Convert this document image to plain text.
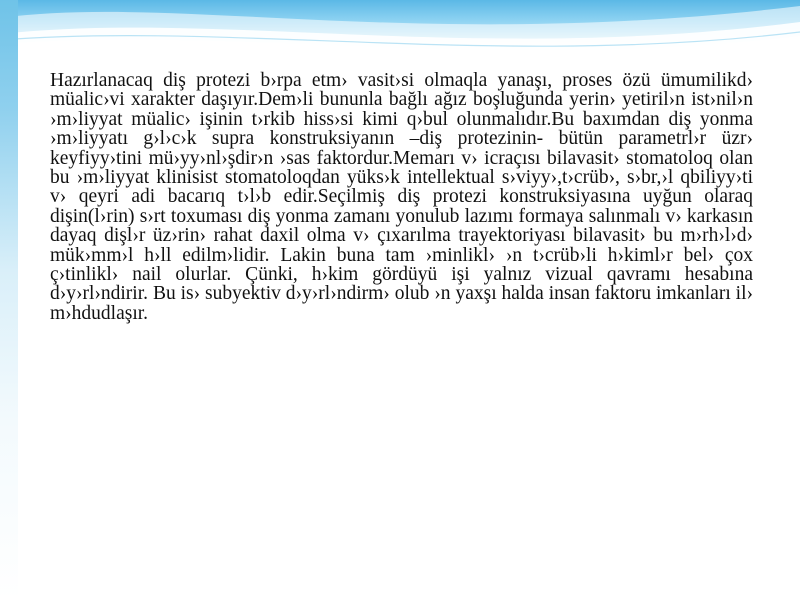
Hazırlanacaq diş protezi b›rpa etm› vasit›si olmaqla yanaşı, proses özü ümumilikd› müalic›vi xarakter daşıyır.Dem›li bununla bağlı ağız boşluğunda yerin› yetiril›n ist›nil›n ›m›liyyat müalic› işinin t›rkib hiss›si kimi q›bul olunmalıdır.Bu baxımdan diş yonma ›m›liyyatı g›l›c›k supra konstruksiyanın –diş protezinin- bütün parametrl›r üzr› keyfiyy›tini mü›yy›nl›şdir›n ›sas faktordur.Memarı v› icraçısı bilavasit› stomatoloq olan bu ›m›liyyat klinisist stomatoloqdan yüks›k intellektual s›viyy›,t›crüb›, s›br,›l qbiliyy›ti v› qeyri adi bacarıq t›l›b edir.Seçilmiş diş protezi konstruksiyasına uyğun olaraq dişin(l›rin) s›rt toxuması diş yonma zamanı yonulub lazımı formaya salınmalı v› karkasın dayaq dişl›r üz›rin› rahat daxil olma v› çıxarılma trayektoriyası bilavasit› bu m›rh›l›d› mük›mm›l h›ll edilm›lidir. Lakin buna tam ›minlikl› ›n t›crüb›li h›kiml›r bel› çox ç›tinlikl› nail olurlar. Çünki, h›kim gördüyü işi yalnız vizual qavramı hesabına d›y›rl›ndirir. Bu is› subyektiv d›y›rl›ndirm› olub ›n yaxşı halda insan faktoru imkanları il› m›hdudlaşır.
